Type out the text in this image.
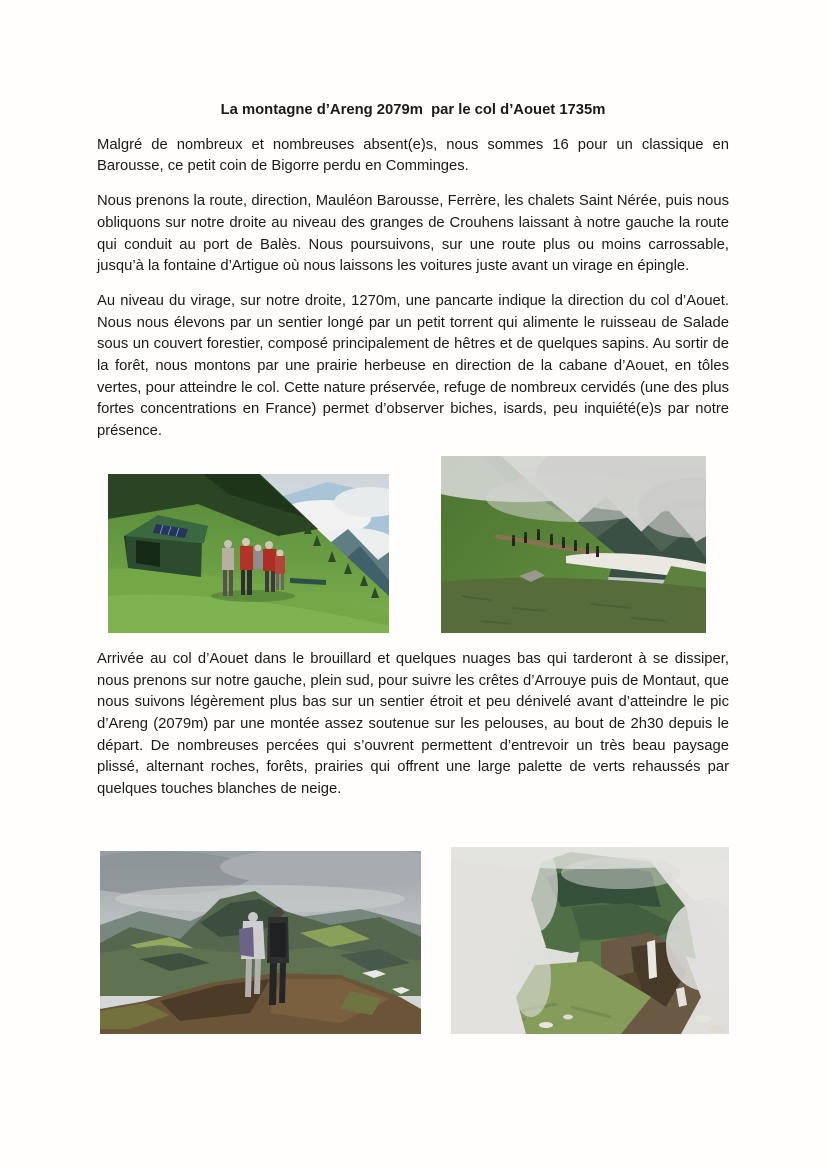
La montagne d’Areng 2079m  par le col d’Aouet 1735m

Malgré de nombreux et nombreuses absent(e)s, nous sommes 16 pour un classique en Barousse, ce petit coin de Bigorre perdu en Comminges.

Nous prenons la route, direction, Mauléon Barousse, Ferrère, les chalets Saint Nérée, puis nous obliquons sur notre droite au niveau des granges de Crouhens laissant à notre gauche la route qui conduit au port de Balès. Nous poursuivons, sur une route plus ou moins carrossable, jusqu’à la fontaine d’Artigue où nous laissons les voitures juste avant un virage en épingle.

Au niveau du virage, sur notre droite, 1270m, une pancarte indique la direction du col d’Aouet. Nous nous élevons par un sentier longé par un petit torrent qui alimente le ruisseau de Salade sous un couvert forestier, composé principalement de hêtres et de quelques sapins. Au sortir de la forêt, nous montons par une prairie herbeuse en direction de la cabane d’Aouet, en tôles vertes, pour atteindre le col. Cette nature préservée, refuge de nombreux cervidés (une des plus fortes concentrations en France) permet d’observer biches, isards, peu inquiété(e)s par notre présence.

Arrivée au col d’Aouet dans le brouillard et quelques nuages bas qui tarderont à se dissiper, nous prenons sur notre gauche, plein sud, pour suivre les crêtes d’Arrouye puis de Montaut, que nous suivons légèrement plus bas sur un sentier étroit et peu dénivelé avant d’atteindre le pic d’Areng (2079m) par une montée assez soutenue sur les pelouses, au bout de 2h30 depuis le départ. De nombreuses percées qui s’ouvrent permettent d’entrevoir un très beau paysage plissé, alternant roches, forêts, prairies qui offrent une large palette de verts rehaussés par quelques touches blanches de neige.
